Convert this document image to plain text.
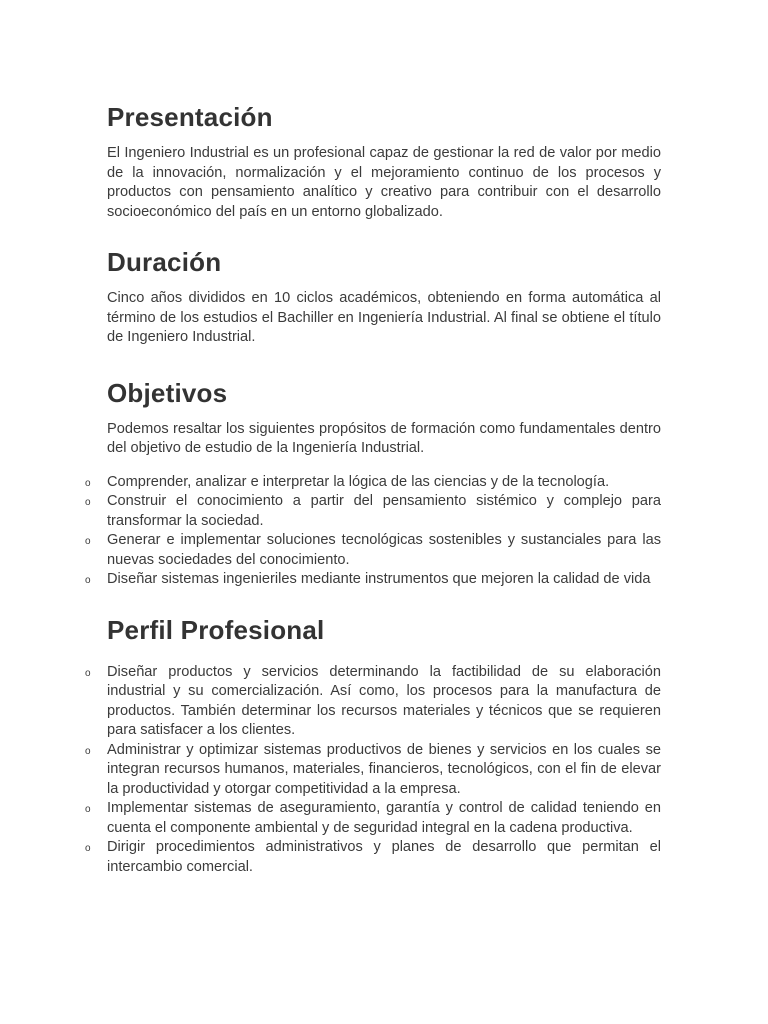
Presentación

El Ingeniero Industrial es un profesional capaz de gestionar la red de valor por medio de la innovación, normalización y el mejoramiento continuo de los procesos y productos con pensamiento analítico y creativo para contribuir con el desarrollo socioeconómico del país en un entorno globalizado.

Duración

Cinco años divididos en 10 ciclos académicos, obteniendo en forma automática al término de los estudios el Bachiller en Ingeniería Industrial. Al final se obtiene el título de Ingeniero Industrial.

Objetivos

Podemos resaltar los siguientes propósitos de formación como fundamentales dentro del objetivo de estudio de la Ingeniería Industrial.

o Comprender, analizar e interpretar la lógica de las ciencias y de la tecnología.
o Construir el conocimiento a partir del pensamiento sistémico y complejo para transformar la sociedad.
o Generar e implementar soluciones tecnológicas sostenibles y sustanciales para las nuevas sociedades del conocimiento.
o Diseñar sistemas ingenieriles mediante instrumentos que mejoren la calidad de vida
Perfil Profesional
o Diseñar productos y servicios determinando la factibilidad de su elaboración industrial y su comercialización. Así como, los procesos para la manufactura de productos. También determinar los recursos materiales y técnicos que se requieren para satisfacer a los clientes.
o Administrar y optimizar sistemas productivos de bienes y servicios en los cuales se integran recursos humanos, materiales, financieros, tecnológicos, con el fin de elevar la productividad y otorgar competitividad a la empresa.
o Implementar sistemas de aseguramiento, garantía y control de calidad teniendo en cuenta el componente ambiental y de seguridad integral en la cadena productiva.
o Dirigir procedimientos administrativos y planes de desarrollo que permitan el intercambio comercial.
